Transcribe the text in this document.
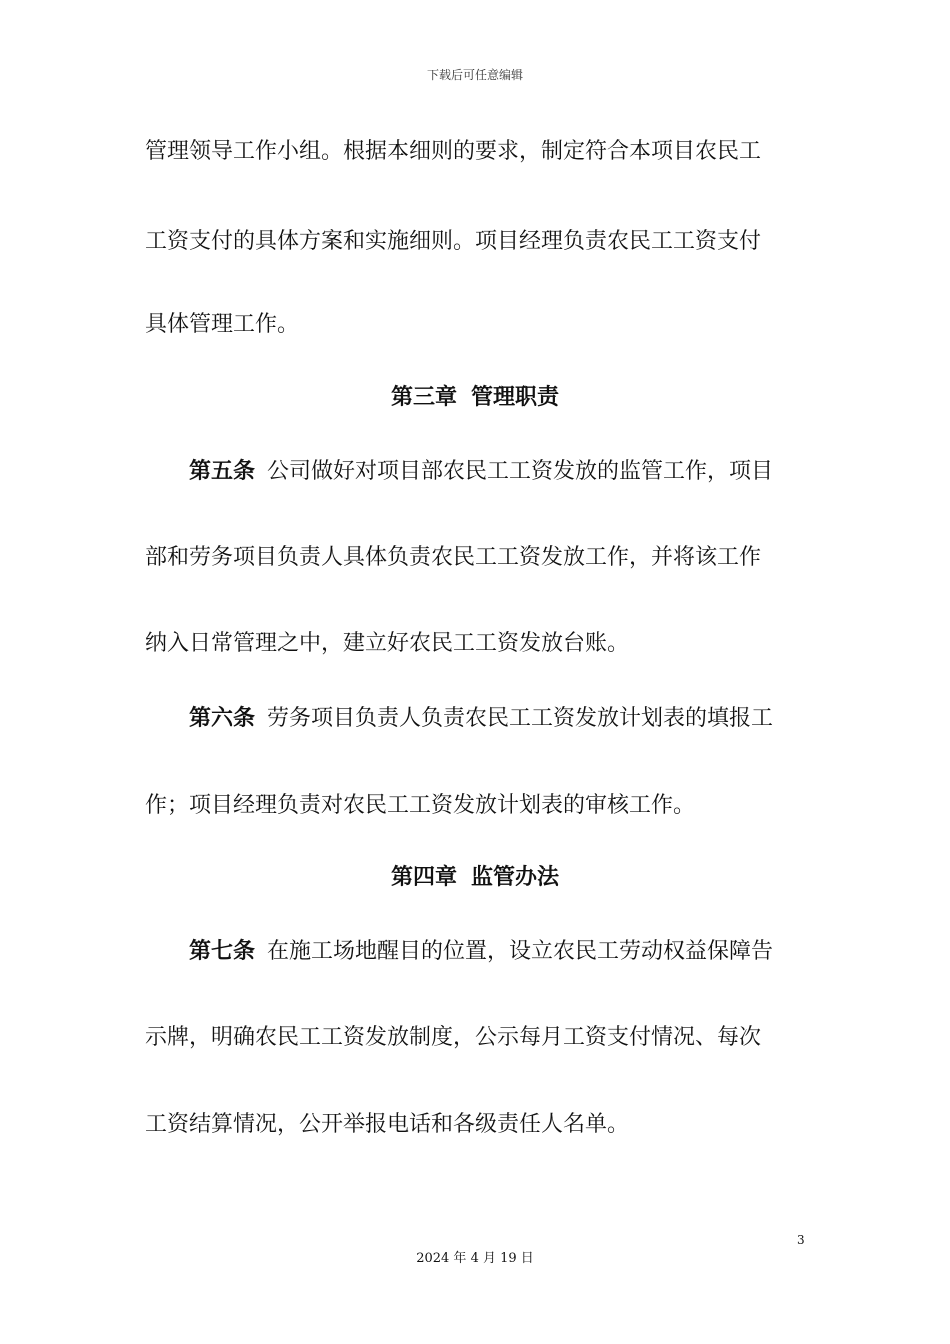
下载后可任意编辑
管理领导工作小组。根据本细则的要求，制定符合本项目农民工
工资支付的具体方案和实施细则。项目经理负责农民工工资支付
具体管理工作。
第三章 管理职责
第五条 公司做好对项目部农民工工资发放的监管工作，项目
部和劳务项目负责人具体负责农民工工资发放工作，并将该工作
纳入日常管理之中，建立好农民工工资发放台账。
第六条 劳务项目负责人负责农民工工资发放计划表的填报工
作；项目经理负责对农民工工资发放计划表的审核工作。
第四章 监管办法
第七条 在施工场地醒目的位置，设立农民工劳动权益保障告
示牌，明确农民工工资发放制度，公示每月工资支付情况、每次
工资结算情况，公开举报电话和各级责任人名单。
3
2024 年 4 月 19 日
